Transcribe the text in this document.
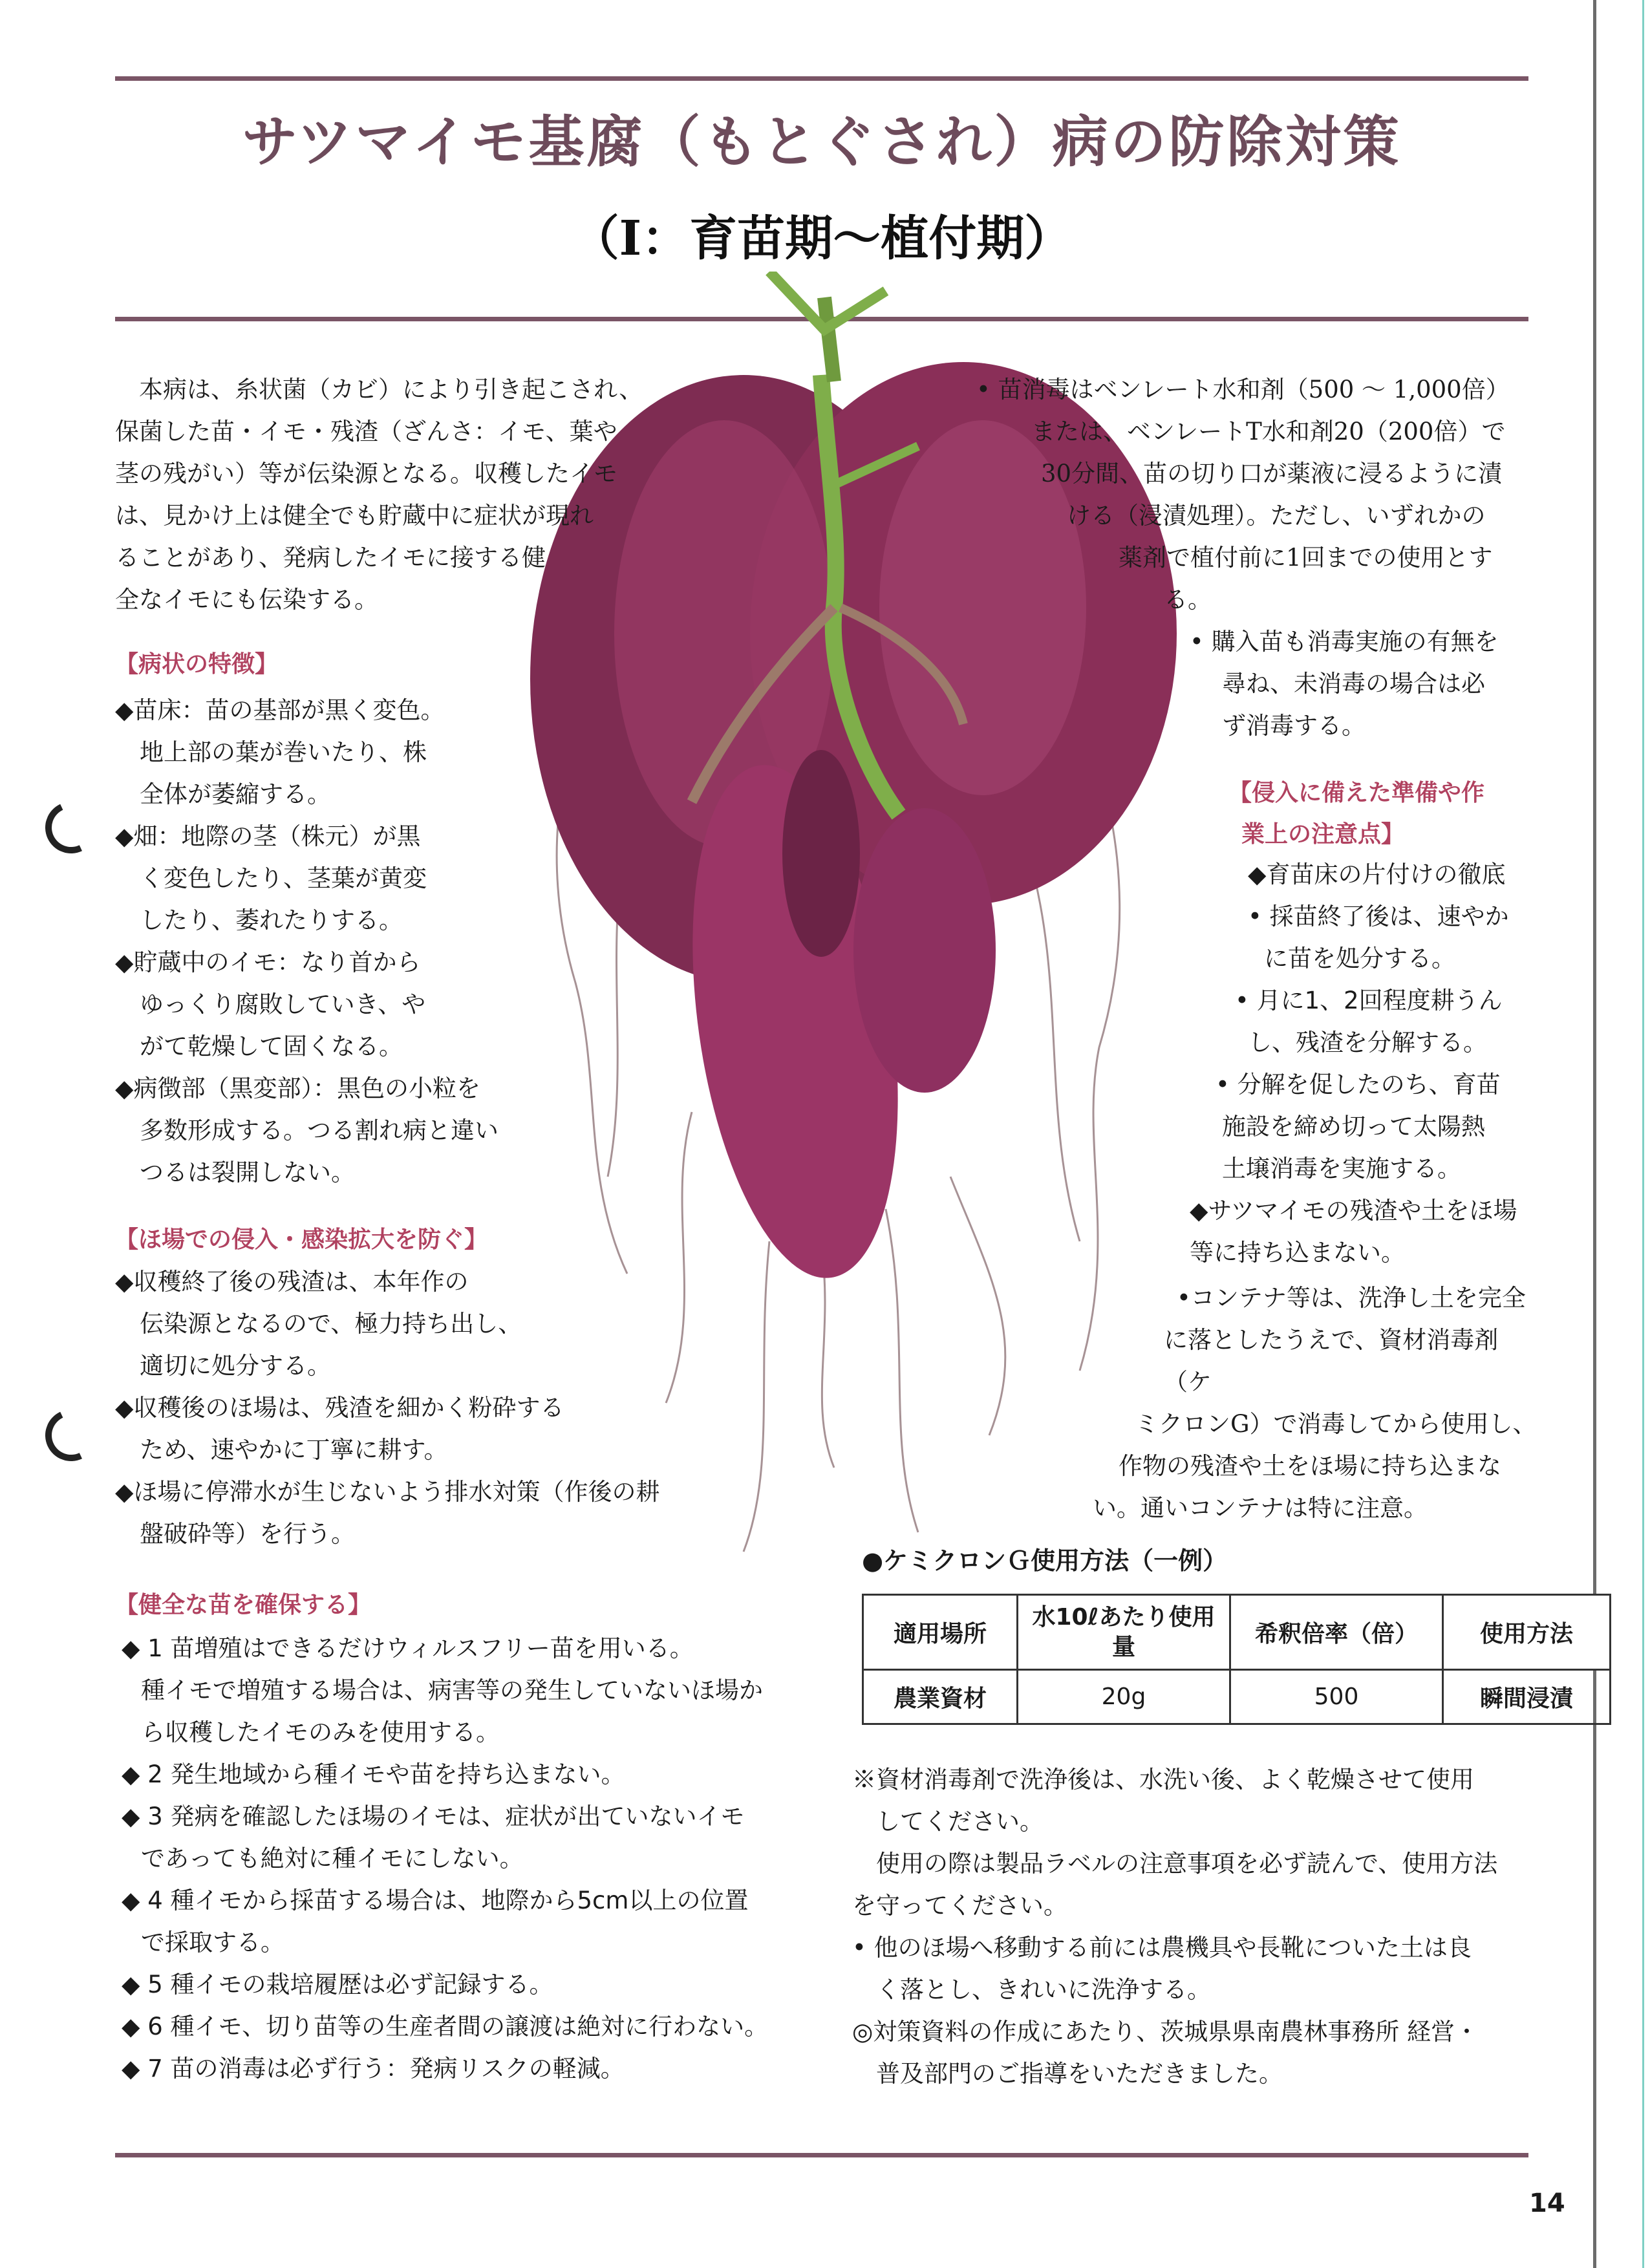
サツマイモ基腐（もとぐされ）病の防除対策
（Ⅰ：育苗期〜植付期）
本病は、糸状菌（カビ）により引き起こされ、
保菌した苗・イモ・残渣（ざんさ：イモ、葉や
茎の残がい）等が伝染源となる。収穫したイモ
は、見かけ上は健全でも貯蔵中に症状が現れ
ることがあり、発病したイモに接する健
全なイモにも伝染する。
【病状の特徴】
◆苗床：苗の基部が黒く変色。
地上部の葉が巻いたり、株
全体が萎縮する。
◆畑：地際の茎（株元）が黒
く変色したり、茎葉が黄変
したり、萎れたりする。
◆貯蔵中のイモ：なり首から
ゆっくり腐敗していき、や
がて乾燥して固くなる。
◆病徴部（黒変部）：黒色の小粒を
多数形成する。つる割れ病と違い
つるは裂開しない。
【ほ場での侵入・感染拡大を防ぐ】
◆収穫終了後の残渣は、本年作の
伝染源となるので、極力持ち出し、
適切に処分する。
◆収穫後のほ場は、残渣を細かく粉砕する
ため、速やかに丁寧に耕す。
◆ほ場に停滞水が生じないよう排水対策（作後の耕
盤破砕等）を行う。
【健全な苗を確保する】
◆ 1 苗増殖はできるだけウィルスフリー苗を用いる。
種イモで増殖する場合は、病害等の発生していないほ場か
ら収穫したイモのみを使用する。
◆ 2 発生地域から種イモや苗を持ち込まない。
◆ 3 発病を確認したほ場のイモは、症状が出ていないイモ
であっても絶対に種イモにしない。
◆ 4 種イモから採苗する場合は、地際から5cm以上の位置
で採取する。
◆ 5 種イモの栽培履歴は必ず記録する。
◆ 6 種イモ、切り苗等の生産者間の譲渡は絶対に行わない。
◆ 7 苗の消毒は必ず行う：発病リスクの軽減。
• 苗消毒はベンレート水和剤（500 〜 1,000倍）
または、ベンレートT水和剤20（200倍）で
30分間、苗の切り口が薬液に浸るように漬
ける（浸漬処理）。ただし、いずれかの
薬剤で植付前に1回までの使用とす
る。
• 購入苗も消毒実施の有無を
尋ね、未消毒の場合は必
ず消毒する。
【侵入に備えた準備や作
業上の注意点】
◆育苗床の片付けの徹底
• 採苗終了後は、速やか
に苗を処分する。
• 月に1、2回程度耕うん
し、残渣を分解する。
• 分解を促したのち、育苗
施設を締め切って太陽熱
土壌消毒を実施する。
◆サツマイモの残渣や土をほ場
等に持ち込まない。
•コンテナ等は、洗浄し土を完全
に落としたうえで、資材消毒剤（ケ
ミクロンG）で消毒してから使用し、
作物の残渣や土をほ場に持ち込まな
い。通いコンテナは特に注意。
●ケミクロンＧ使用方法（一例）
適用場所	水10ℓあたり使用量	希釈倍率（倍）	使用方法
農業資材	20g	500	瞬間浸漬
※資材消毒剤で洗浄後は、水洗い後、よく乾燥させて使用
してください。
使用の際は製品ラベルの注意事項を必ず読んで、使用方法
を守ってください。
• 他のほ場へ移動する前には農機具や長靴についた土は良
く落とし、きれいに洗浄する。
◎対策資料の作成にあたり、茨城県県南農林事務所 経営・
普及部門のご指導をいただきました。
14
